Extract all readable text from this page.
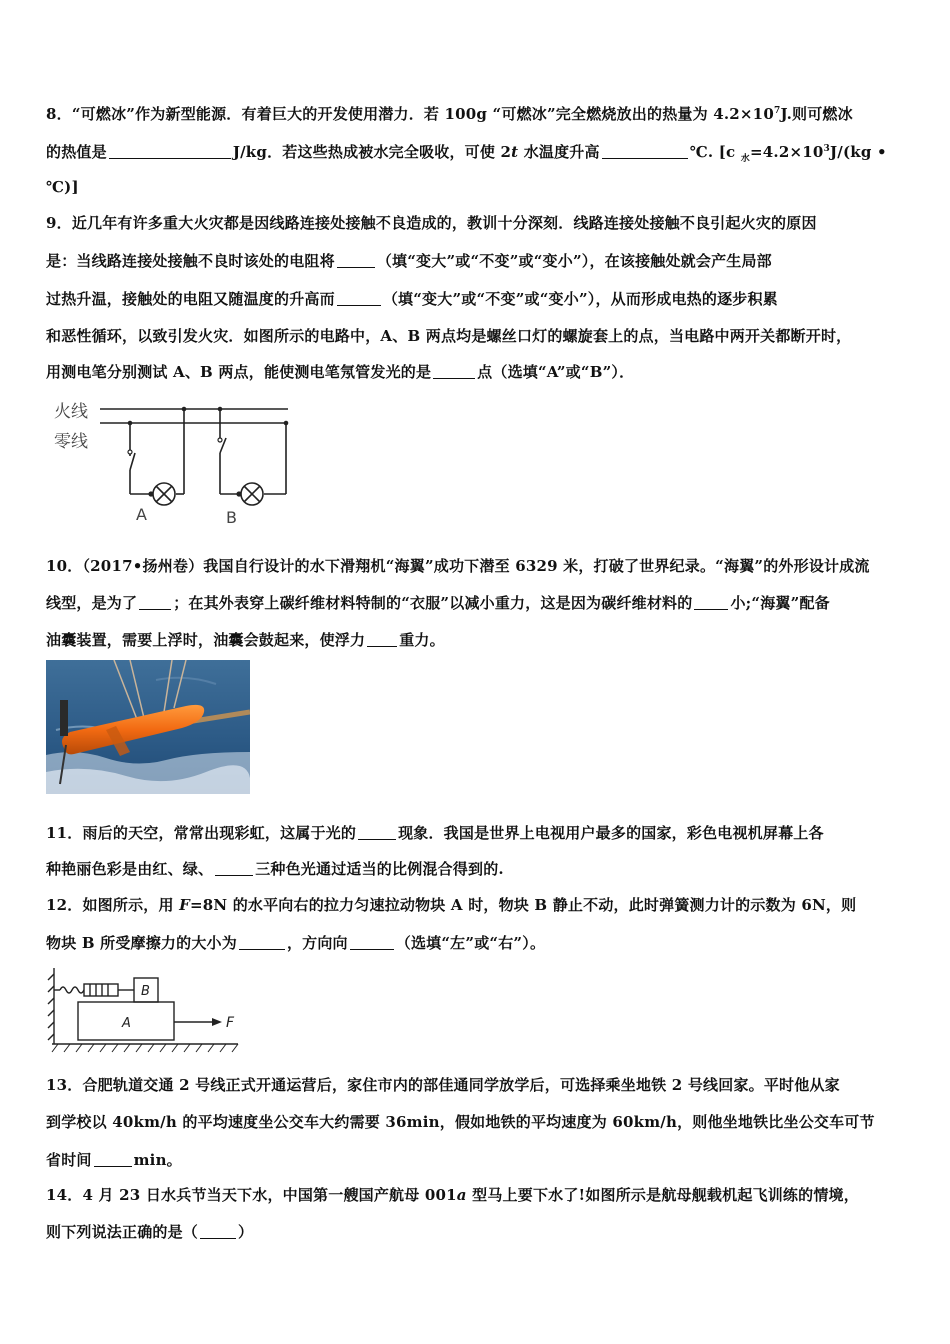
8．“可燃冰”作为新型能源．有着巨大的开发使用潜力．若 100g “可燃冰”完全燃烧放出的热量为 $4.2\times 10^7J$.则可燃冰
的热值是	J/kg．若这些热成被水完全吸收，可使 2t 水温度升高	℃. [c $_水=4.2\times 10^3J/(kg$ •
℃)]
9．近几年有许多重大火灾都是因线路连接处接触不良造成的，教训十分深刻．线路连接处接触不良引起火灾的原因
是：当线路连接处接触不良时该处的电阻将	（填“变大”或“不变”或“变小”），在该接触处就会产生局部
过热升温，接触处的电阻又随温度的升高而	（填“变大”或“不变”或“变小”），从而形成电热的逐步积累
和恶性循环，以致引发火灾．如图所示的电路中，A、B 两点均是螺丝口灯的螺旋套上的点，当电路中两开关都断开时，
用测电笔分别测试 A、B 两点，能使测电笔氖管发光的是	点（选填“A”或“B”）．
火线
零线
A	B
10．（2017•扬州卷）我国自行设计的水下滑翔机“海翼”成功下潜至 6329 米，打破了世界纪录。“海翼”的外形设计成流
线型，是为了 ；在其外表穿上碳纤维材料特制的“衣服”以减小重力，这是因为碳纤维材料的	小;“海翼”配备
油囊装置，需要上浮时，油囊会鼓起来，使浮力 重力。
11．雨后的天空，常常出现彩虹，这属于光的	现象．我国是世界上电视用户最多的国家，彩色电视机屏幕上各
种艳丽色彩是由红、绿、	三种色光通过适当的比例混合得到的.
12．如图所示，用 F=8N 的水平向右的拉力匀速拉动物块 A 时，物块 B 静止不动，此时弹簧测力计的示数为 6N，则
物块 B 所受摩擦力的大小为	，方向向	（选填“左”或“右”）。
B
A	F
13．合肥轨道交通 2 号线正式开通运营后，家住市内的部佳通同学放学后，可选择乘坐地铁 2 号线回家。平时他从家
到学校以 40km/h 的平均速度坐公交车大约需要 36min，假如地铁的平均速度为 60km/h，则他坐地铁比坐公交车可节
省时间	min。
14．4 月 23 日水兵节当天下水，中国第一艘国产航母 001a 型马上要下水了!如图所示是航母舰载机起飞训练的情境，
则下列说法正确的是（	）
